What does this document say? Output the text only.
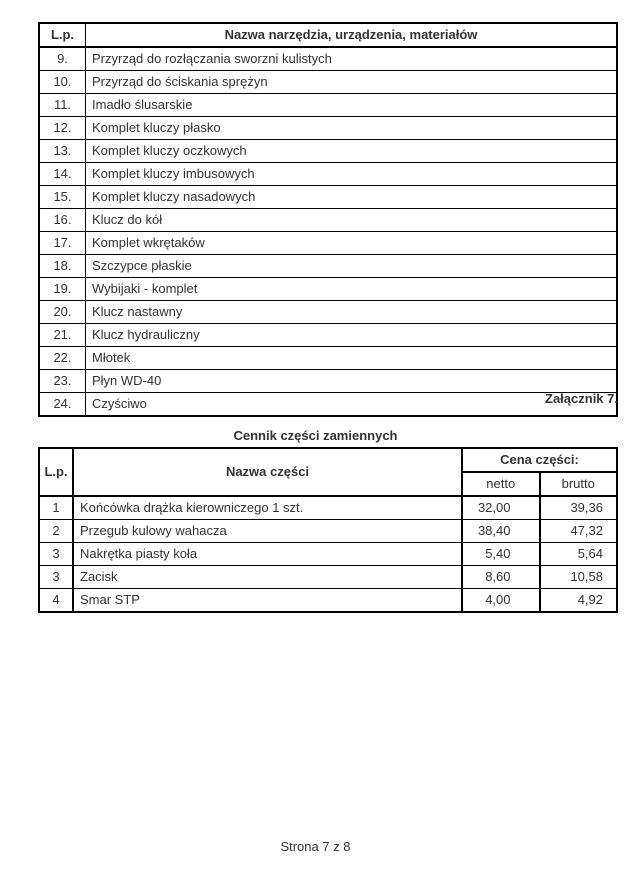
L.p.	Nazwa narzędzia, urządzenia, materiałów
9.	Przyrząd do rozłączania sworzni kulistych
10.	Przyrząd do ściskania sprężyn
11.	Imadło ślusarskie
12.	Komplet kluczy płasko
13.	Komplet kluczy oczkowych
14.	Komplet kluczy imbusowych
15.	Komplet kluczy nasadowych
16.	Klucz do kół
17.	Komplet wkrętaków
18.	Szczypce płaskie
19.	Wybijaki - komplet
20.	Klucz nastawny
21.	Klucz hydrauliczny
22.	Młotek
23.	Płyn WD-40
24.	Czyściwo	Załącznik 7.
Cennik części zamiennych
L.p.	Nazwa części	Cena części:	
		netto	brutto
1	Końcówka drążka kierowniczego 1 szt.	32,00	39,36
2	Przegub kulowy wahacza	38,40	47,32
3	Nakrętka piasty koła	5,40	5,64
3	Zacisk	8,60	10,58
4	Smar STP	4,00	4,92
Strona 7 z 8
